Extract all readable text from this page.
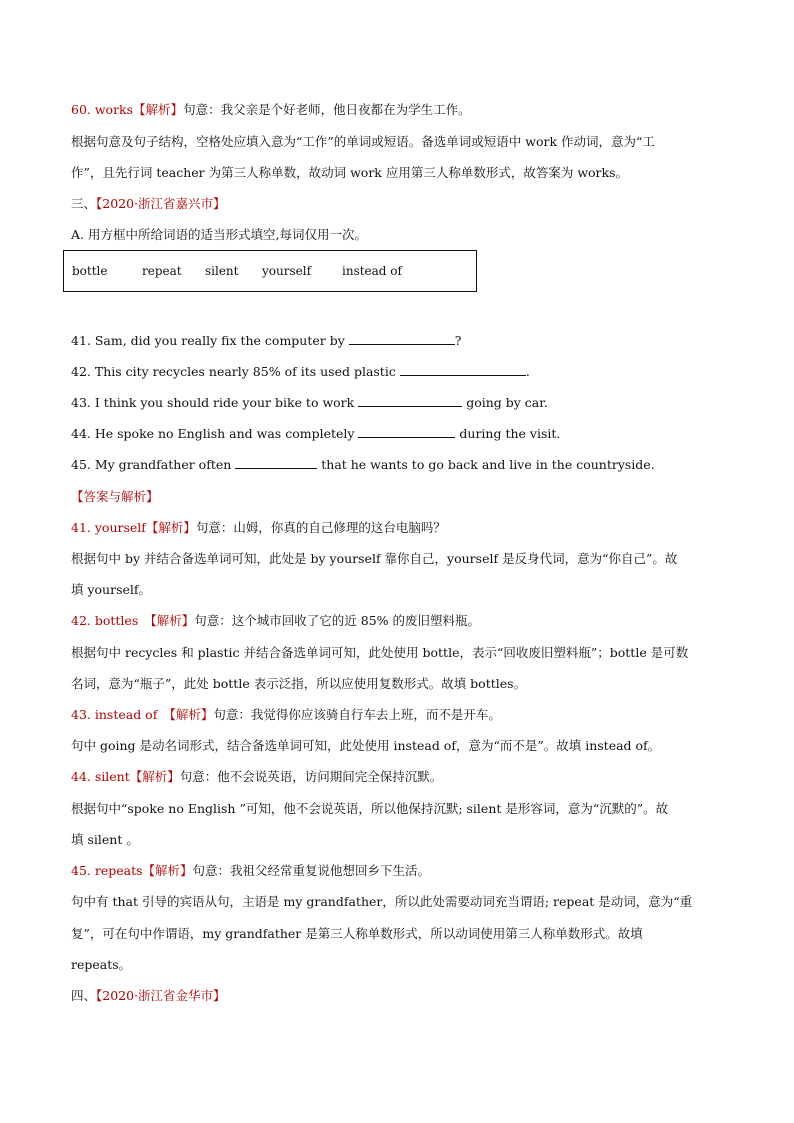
60. works【解析】句意：我父亲是个好老师，他日夜都在为学生工作。
根据句意及句子结构，空格处应填入意为“工作”的单词或短语。备选单词或短语中 work 作动词，意为“工
作”，且先行词 teacher 为第三人称单数，故动词 work 应用第三人称单数形式，故答案为 works。
三、【2020·浙江省嘉兴市】
A. 用方框中所给词语的适当形式填空,每词仅用一次。
bottle	repeat silent yourself	instead of
41. Sam, did you really fix the computer by	?
42. This city recycles nearly 85% of its used plastic	.
43. I think you should ride your bike to work	going by car.
44. He spoke no English and was completely	during the visit.
45. My grandfather often	that he wants to go back and live in the countryside.
【答案与解析】
41. yourself【解析】句意：山姆，你真的自己修理的这台电脑吗？
根据句中 by 并结合备选单词可知，此处是 by yourself 靠你自己，yourself 是反身代词，意为“你自己”。故
填 yourself。
42. bottles 【解析】句意：这个城市回收了它的近 85% 的废旧塑料瓶。
根据句中 recycles 和 plastic 并结合备选单词可知，此处使用 bottle，表示“回收废旧塑料瓶”；bottle 是可数
名词，意为“瓶子”，此处 bottle 表示泛指，所以应使用复数形式。故填 bottles。
43. instead of 【解析】句意：我觉得你应该骑自行车去上班，而不是开车。
句中 going 是动名词形式，结合备选单词可知，此处使用 instead of，意为“而不是”。故填 instead of。
44. silent【解析】句意：他不会说英语，访问期间完全保持沉默。
根据句中“spoke no English ”可知，他不会说英语，所以他保持沉默; silent 是形容词，意为“沉默的”。故
填 silent 。
45. repeats【解析】句意：我祖父经常重复说他想回乡下生活。
句中有 that 引导的宾语从句，主语是 my grandfather，所以此处需要动词充当谓语; repeat 是动词，意为“重
复”，可在句中作谓语，my grandfather 是第三人称单数形式，所以动词使用第三人称单数形式。故填
repeats。
四、【2020·浙江省金华市】
